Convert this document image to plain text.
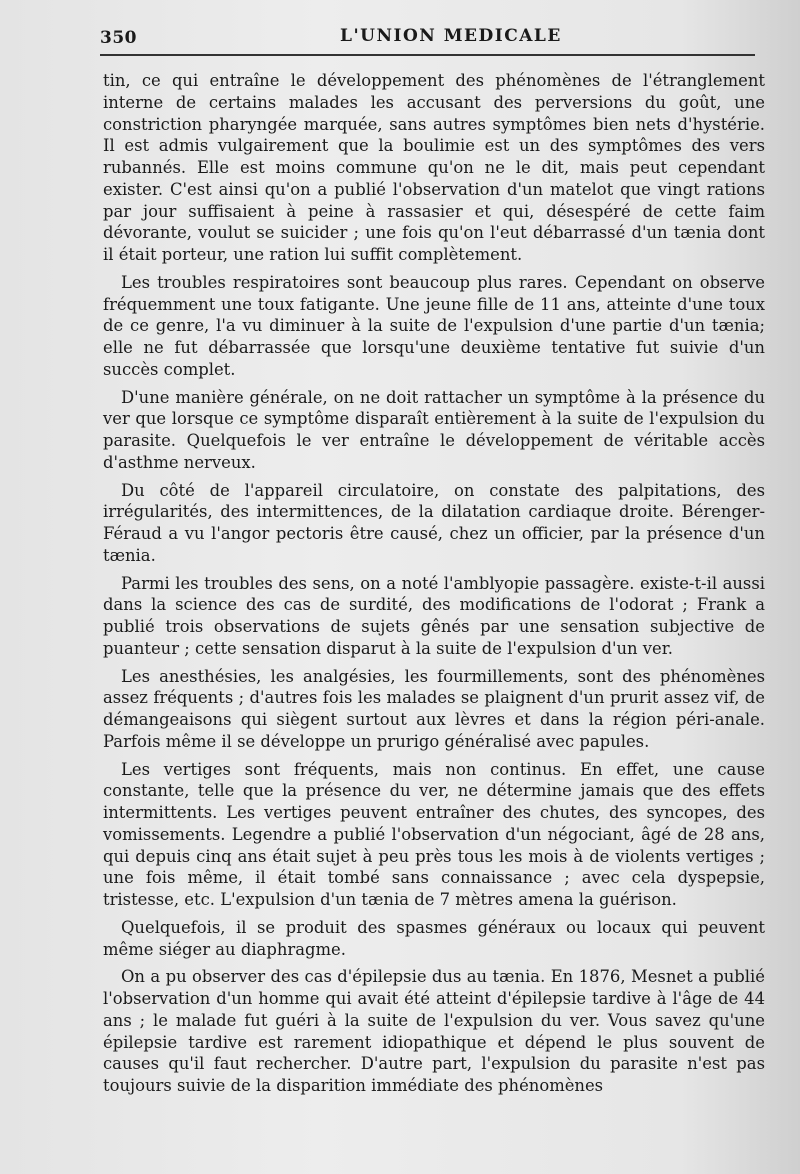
350	L'UNION MEDICALE

tin, ce qui entraîne le développement des phénomènes de l'étranglement interne de certains malades les accusant des perversions du goût, une constriction pharyngée marquée, sans autres symptômes bien nets d'hystérie. Il est admis vulgairement que la boulimie est un des symptômes des vers rubannés. Elle est moins commune qu'on ne le dit, mais peut cependant exister. C'est ainsi qu'on a publié l'observation d'un matelot que vingt rations par jour suffisaient à peine à rassasier et qui, désespéré de cette faim dévorante, voulut se suicider ; une fois qu'on l'eut débarrassé d'un tænia dont il était porteur, une ration lui suffit complètement.

Les troubles respiratoires sont beaucoup plus rares. Cependant on observe fréquemment une toux fatigante. Une jeune fille de 11 ans, atteinte d'une toux de ce genre, l'a vu diminuer à la suite de l'expulsion d'une partie d'un tænia; elle ne fut débarrassée que lorsqu'une deuxième tentative fut suivie d'un succès complet.

D'une manière générale, on ne doit rattacher un symptôme à la présence du ver que lorsque ce symptôme disparaît entièrement à la suite de l'expulsion du parasite. Quelquefois le ver entraîne le développement de véritable accès d'asthme nerveux.

Du côté de l'appareil circulatoire, on constate des palpitations, des irrégularités, des intermittences, de la dilatation cardiaque droite. Bérenger-Féraud a vu l'angor pectoris être causé, chez un officier, par la présence d'un tænia.

Parmi les troubles des sens, on a noté l'amblyopie passagère. existe-t-il aussi dans la science des cas de surdité, des modifications de l'odorat ; Frank a publié trois observations de sujets gênés par une sensation subjective de puanteur ; cette sensation disparut à la suite de l'expulsion d'un ver.

Les anesthésies, les analgésies, les fourmillements, sont des phénomènes assez fréquents ; d'autres fois les malades se plaignent d'un prurit assez vif, de démangeaisons qui siègent surtout aux lèvres et dans la région péri-anale. Parfois même il se développe un prurigo généralisé avec papules.

Les vertiges sont fréquents, mais non continus. En effet, une cause constante, telle que la présence du ver, ne détermine jamais que des effets intermittents. Les vertiges peuvent entraîner des chutes, des syncopes, des vomissements. Legendre a publié l'observation d'un négociant, âgé de 28 ans, qui depuis cinq ans était sujet à peu près tous les mois à de violents vertiges ; une fois même, il était tombé sans connaissance ; avec cela dyspepsie, tristesse, etc. L'expulsion d'un tænia de 7 mètres amena la guérison.

Quelquefois, il se produit des spasmes généraux ou locaux qui peuvent même siéger au diaphragme.

On a pu observer des cas d'épilepsie dus au tænia. En 1876, Mesnet a publié l'observation d'un homme qui avait été atteint d'épilepsie tardive à l'âge de 44 ans ; le malade fut guéri à la suite de l'expulsion du ver. Vous savez qu'une épilepsie tardive est rarement idiopathique et dépend le plus souvent de causes qu'il faut rechercher. D'autre part, l'expulsion du parasite n'est pas toujours suivie de la disparition immédiate des phénomènes
